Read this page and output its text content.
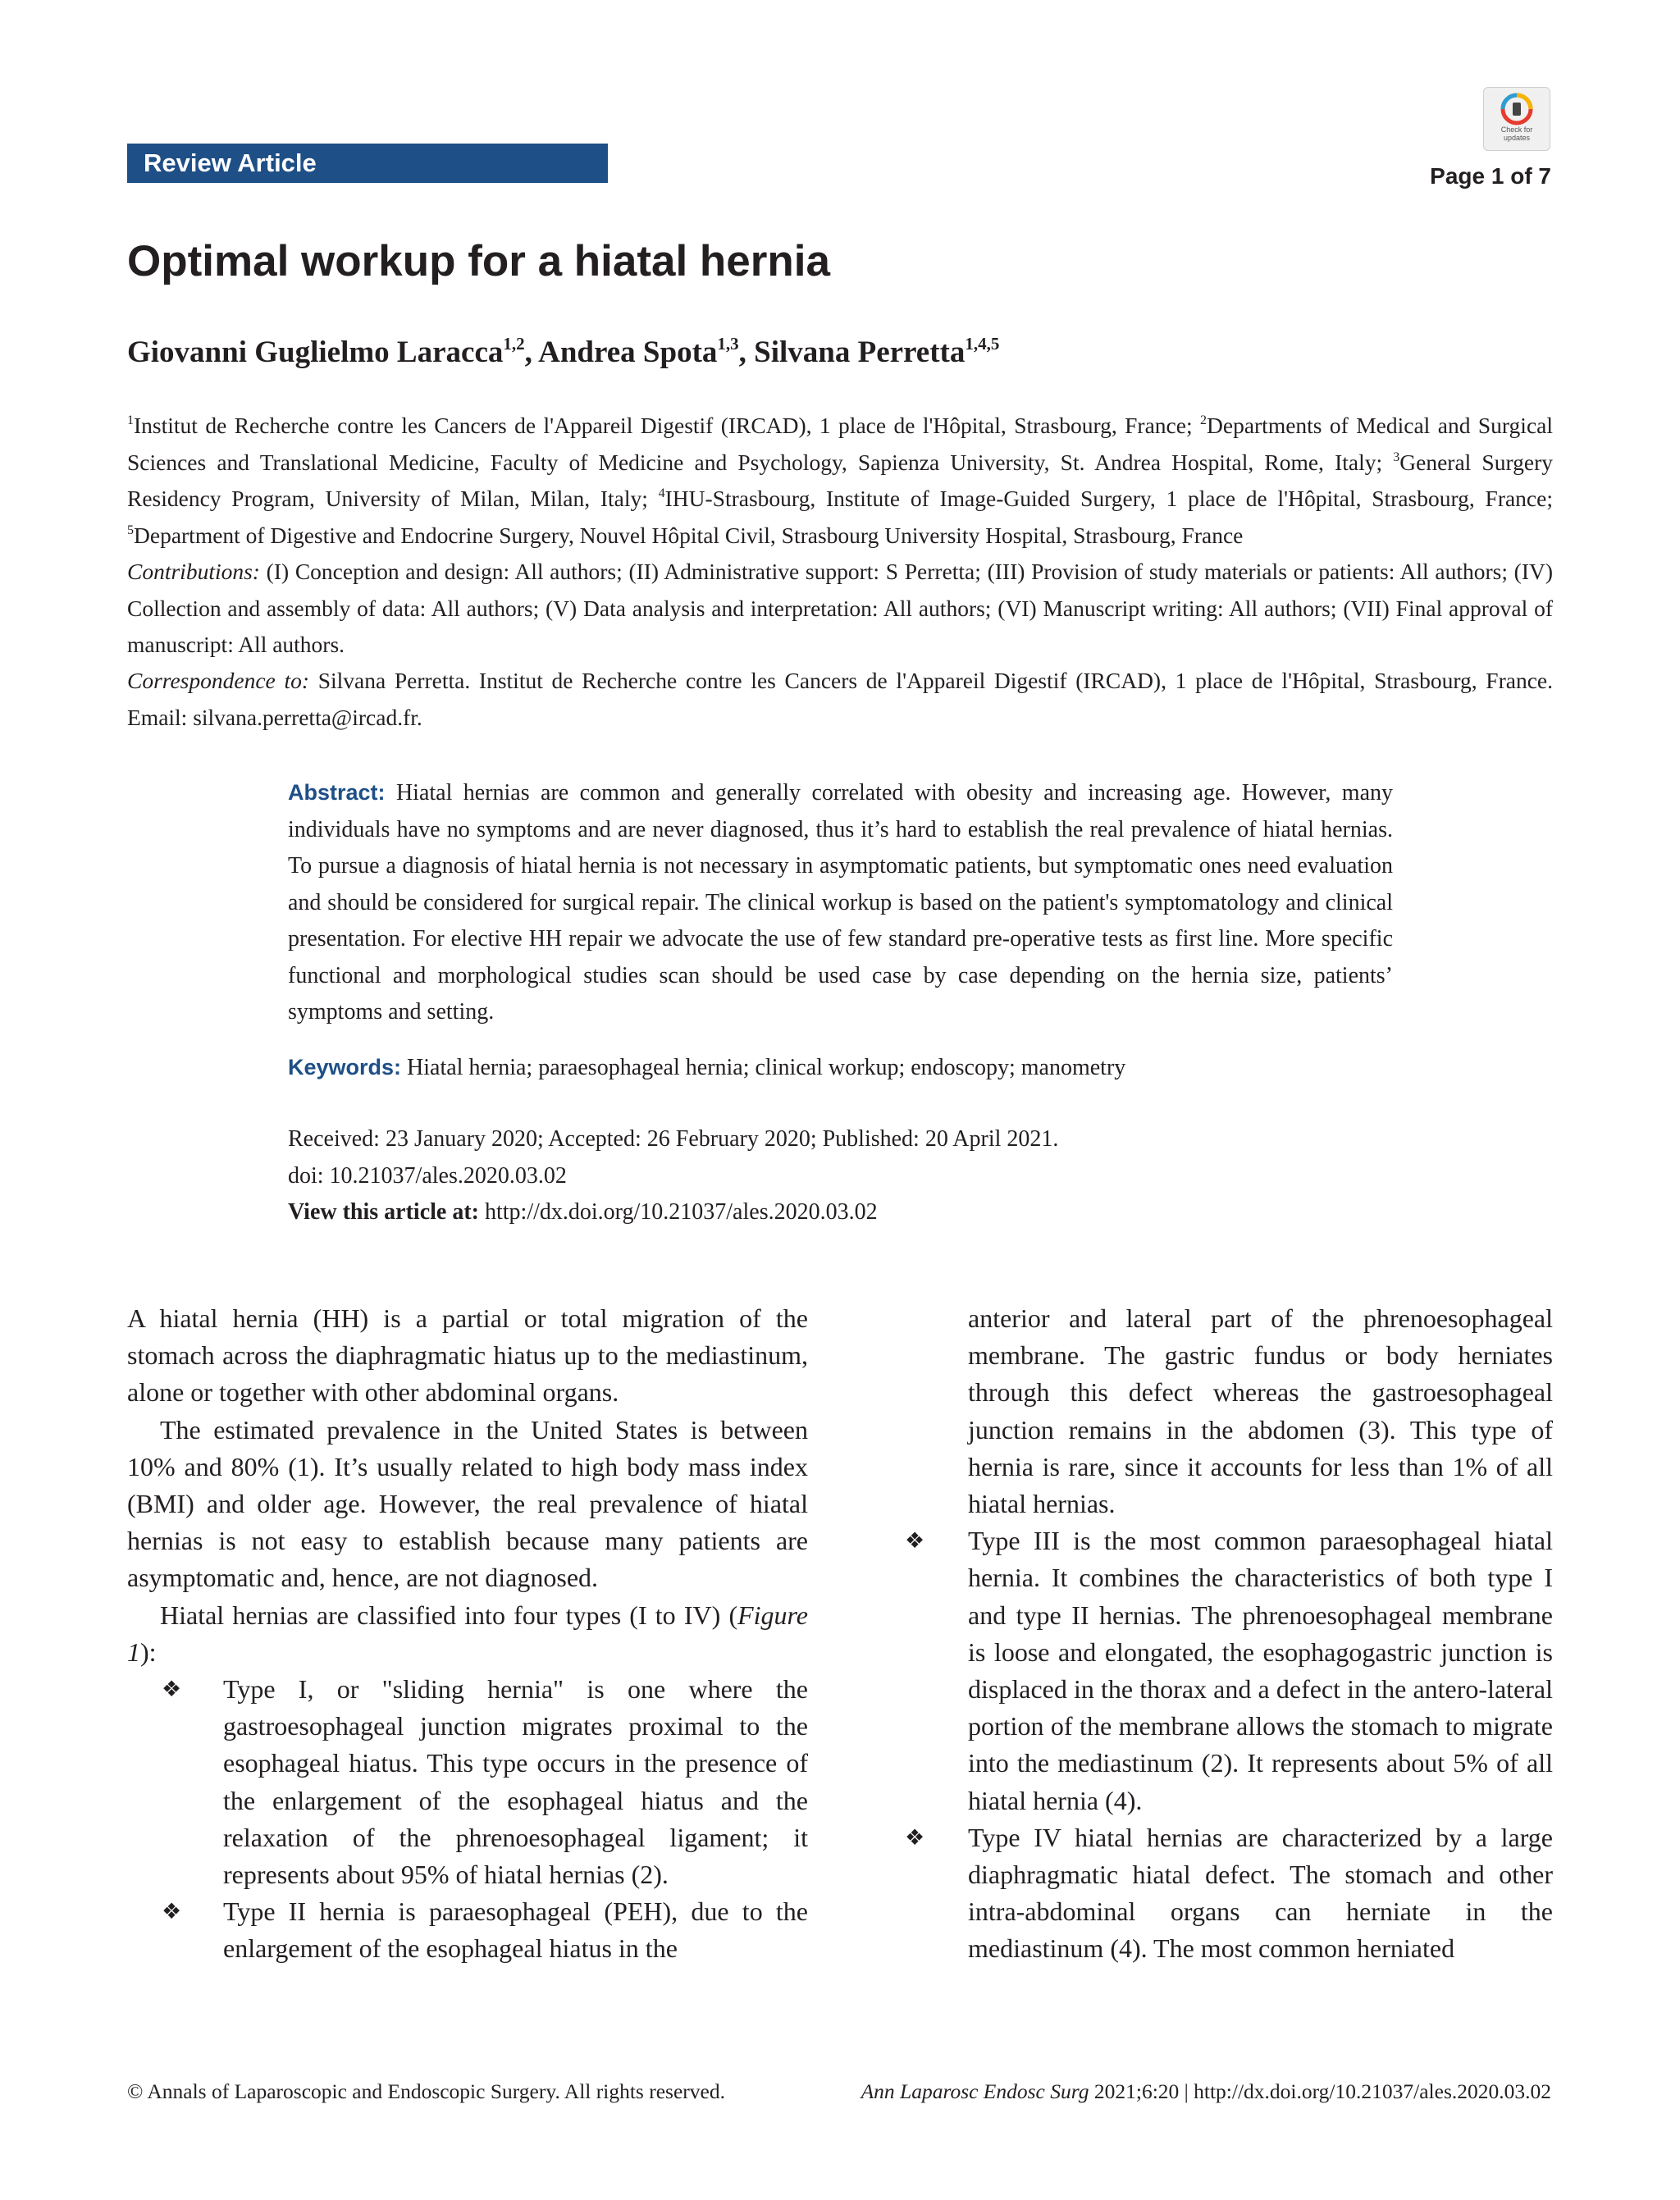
Review Article	Page 1 of 7
Check for
updates
Optimal workup for a hiatal hernia
Giovanni Guglielmo Laracca$^{1,2}$, Andrea Spota$^{1,3}$, Silvana Perretta$^{1,4,5}$
$^1$Institut de Recherche contre les Cancers de l'Appareil Digestif (IRCAD), 1 place de l'Hôpital, Strasbourg, France; $^2$Departments of Medical and Surgical Sciences and Translational Medicine, Faculty of Medicine and Psychology, Sapienza University, St. Andrea Hospital, Rome, Italy; $^3$General Surgery Residency Program, University of Milan, Milan, Italy; $^4$IHU-Strasbourg, Institute of Image-Guided Surgery, 1 place de l'Hôpital, Strasbourg, France; $^5$Department of Digestive and Endocrine Surgery, Nouvel Hôpital Civil, Strasbourg University Hospital, Strasbourg, France
Contributions: (I) Conception and design: All authors; (II) Administrative support: S Perretta; (III) Provision of study materials or patients: All authors; (IV) Collection and assembly of data: All authors; (V) Data analysis and interpretation: All authors; (VI) Manuscript writing: All authors; (VII) Final approval of manuscript: All authors.
Correspondence to: Silvana Perretta. Institut de Recherche contre les Cancers de l'Appareil Digestif (IRCAD), 1 place de l'Hôpital, Strasbourg, France. Email: silvana.perretta@ircad.fr.
Abstract: Hiatal hernias are common and generally correlated with obesity and increasing age. However, many individuals have no symptoms and are never diagnosed, thus it’s hard to establish the real prevalence of hiatal hernias. To pursue a diagnosis of hiatal hernia is not necessary in asymptomatic patients, but symptomatic ones need evaluation and should be considered for surgical repair. The clinical workup is based on the patient's symptomatology and clinical presentation. For elective HH repair we advocate the use of few standard pre-operative tests as first line. More specific functional and morphological studies scan should be used case by case depending on the hernia size, patients’ symptoms and setting.
Keywords: Hiatal hernia; paraesophageal hernia; clinical workup; endoscopy; manometry
Received: 23 January 2020; Accepted: 26 February 2020; Published: 20 April 2021.
doi: 10.21037/ales.2020.03.02
View this article at: http://dx.doi.org/10.21037/ales.2020.03.02

A hiatal hernia (HH) is a partial or total migration of the stomach across the diaphragmatic hiatus up to the mediastinum, alone or together with other abdominal organs.

The estimated prevalence in the United States is between 10% and 80% (1). It’s usually related to high body mass index (BMI) and older age. However, the real prevalence of hiatal hernias is not easy to establish because many patients are asymptomatic and, hence, are not diagnosed.

Hiatal hernias are classified into four types (I to IV) (Figure 1):

❖ Type I, or "sliding hernia" is one where the gastroesophageal junction migrates proximal to the esophageal hiatus. This type occurs in the presence of the enlargement of the esophageal hiatus and the relaxation of the phrenoesophageal ligament; it represents about 95% of hiatal hernias (2).

❖ Type II hernia is paraesophageal (PEH), due to the enlargement of the esophageal hiatus in the

anterior and lateral part of the phrenoesophageal membrane. The gastric fundus or body herniates through this defect whereas the gastroesophageal junction remains in the abdomen (3). This type of hernia is rare, since it accounts for less than 1% of all hiatal hernias.

❖ Type III is the most common paraesophageal hiatal hernia. It combines the characteristics of both type I and type II hernias. The phrenoesophageal membrane is loose and elongated, the esophagogastric junction is displaced in the thorax and a defect in the antero-lateral portion of the membrane allows the stomach to migrate into the mediastinum (2). It represents about 5% of all hiatal hernia (4).

❖ Type IV hiatal hernias are characterized by a large diaphragmatic hiatal defect. The stomach and other intra-abdominal organs can herniate in the mediastinum (4). The most common herniated

© Annals of Laparoscopic and Endoscopic Surgery. All rights reserved.	Ann Laparosc Endosc Surg 2021;6:20 | http://dx.doi.org/10.21037/ales.2020.03.02
